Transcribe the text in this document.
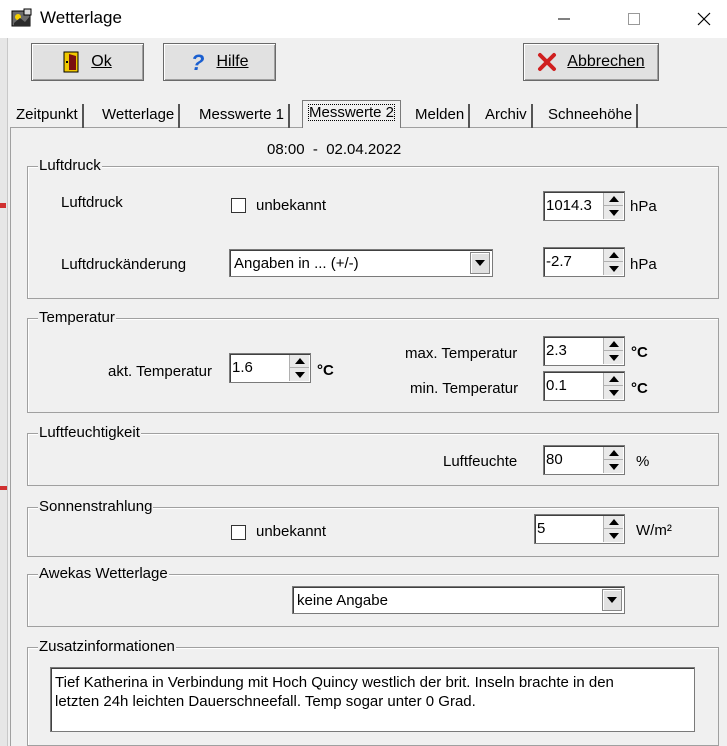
Wetterlage
Ok	? Hilfe	Abbrechen
Zeitpunkt	Wetterlage	Messwerte 1	Messwerte 2	Melden	Archiv	Schneehöhe
08:00  -  02.04.2022
Luftdruck
Luftdruck	unbekannt	1014.3	hPa
Luftdruckänderung	Angaben in ... (+/-)	-2.7	hPa
Temperatur
akt. Temperatur 1.6	°C
max. Temperatur 2.3	°C
min. Temperatur 0.1	°C
Luftfeuchtigkeit
Luftfeuchte 80	%
Sonnenstrahlung
unbekannt	5	W/m²
Awekas Wetterlage
keine Angabe
Zusatzinformationen
Tief Katherina in Verbindung mit Hoch Quincy westlich der brit. Inseln brachte in den
letzten 24h leichten Dauerschneefall. Temp sogar unter 0 Grad.
